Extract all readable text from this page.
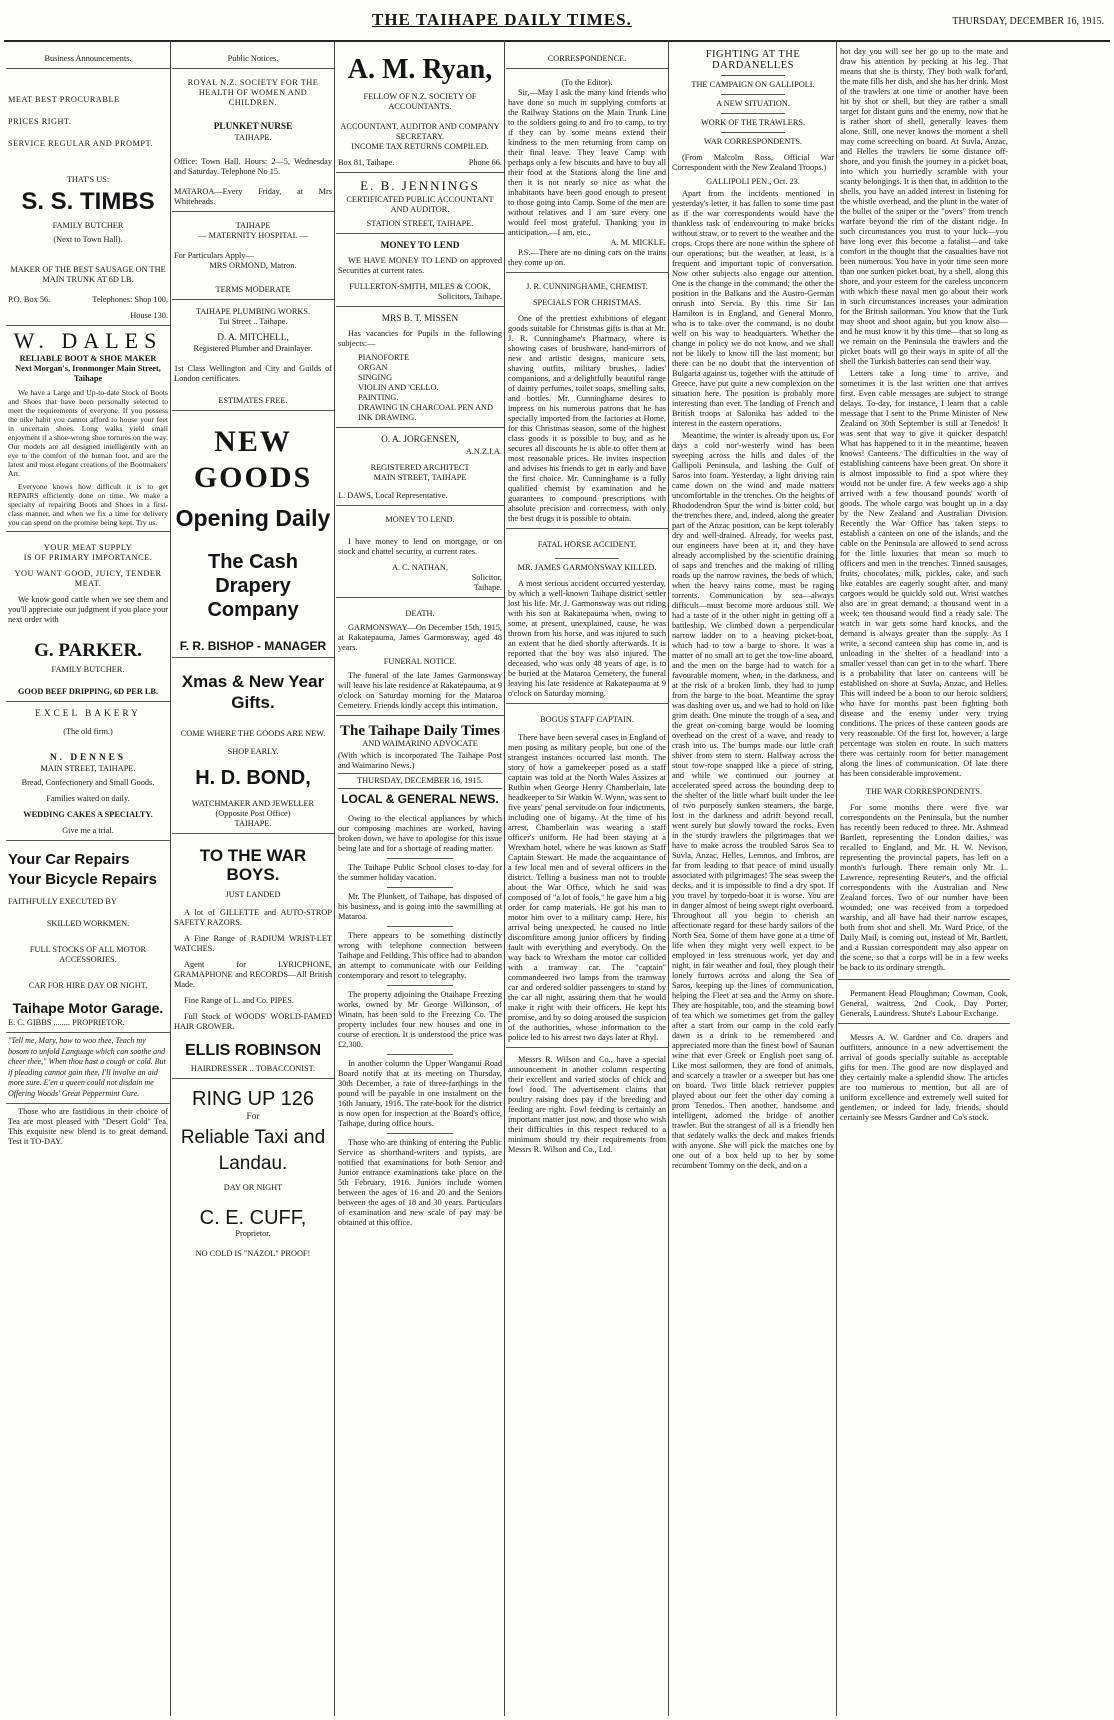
THE TAIHAPE DAILY TIMES.	THURSDAY, DECEMBER 16, 1915.
Business Announcements.
MEAT BEST PROCURABLE
PRICES RIGHT.
SERVICE REGULAR AND PROMPT.
THAT'S US:
S. S. TIMBS
FAMILY BUTCHER
(Next to Town Hall).
MAKER OF THE BEST SAUSAGE ON THE MAIN TRUNK AT 6D LB.
P.O. Box 56.	Telephones: Shop 100,
House 130.
W. DALES
RELIABLE BOOT & SHOE MAKER
Next Morgan's, Ironmonger Main Street, Taihape
We have a Large and Up-to-date Stock of Boots and Shoes that have been personally selected to meet the requirements of everyone. If you possess the nike habit you cannot afford to house your feet in uncertain shoes. Long walks yield small enjoyment if a shoe-wrong shoe tortures on the way. Our models are all designed intelligently with an eye to the comfort of the human foot, and are the latest and most elegant creations of the Bootmakers' Art.
Everyone knows how difficult it is to get REPAIRS efficiently done on time. We make a specialty of repairing Boots and Shoes in a first-class manner, and when we fix a time for delivery you can spend on the promise being kept. Try us.
YOUR MEAT SUPPLY
IS OF PRIMARY IMPORTANCE.
YOU WANT GOOD, JUICY, TENDER MEAT.
We know good cattle when we see them and you'll appreciate our judgment if you place your next order with
G. PARKER.
FAMILY BUTCHER.
GOOD BEEF DRIPPING, 6D PER LB.
EXCEL BAKERY
(The old firm.)
N. DENNES
MAIN STREET, TAIHAPE.
Bread, Confectionery and Small Goods.
Families waited on daily.
WEDDING CAKES A SPECIALTY.
Give me a trial.
Your Car Repairs
Your Bicycle Repairs
FAITHFULLY EXECUTED BY
SKILLED WORKMEN.
FULL STOCKS OF ALL MOTOR ACCESSORIES.
CAR FOR HIRE DAY OR NIGHT.
Taihape Motor Garage.
E. C. GIBBS ........ PROPRIETOR.
"Tell me, Mary, how to woo thee, Teach my bosom to unfold Language which can soothe and cheer thee," When thou hast a cough or cold. But if pleading cannot gain thee, I'll involve an aid more sure. E'en a queen could not disdain me Offering Woods' Great Peppermint Cure.
Those who are fastidious in their choice of Tea are most pleased with "Desert Gold" Tea. This exquisite new blend is to great demand. Test it TO-DAY.
Public Notices.
ROYAL N.Z. SOCIETY FOR THE HEALTH OF WOMEN AND CHILDREN.
PLUNKET NURSE
TAIHAPE.
Office: Town Hall. Hours: 2—5, Wednesday and Saturday. Telephone No 15.
MATAROA—Every Friday, at Mrs Whiteheads.
TAIHAPE
— MATERNITY HOSPITAL —
For Particulars Apply—
MRS ORMOND, Matron.
TERMS MODERATE
TAIHAPE PLUMBING WORKS.
Tui Street .. Taihape.
D. A. MITCHELL,
Registered Plumber and Drainlayer.
1st Class Wellington and City and Guilds of London certificates.
ESTIMATES FREE.
NEW GOODS
Opening Daily
The Cash Drapery Company
F. R. BISHOP - MANAGER
Xmas & New Year Gifts.
COME WHERE THE GOODS ARE NEW.
SHOP EARLY.
H. D. BOND,
WATCHMAKER AND JEWELLER
(Opposite Post Office)
TAIHAPE.
TO THE WAR BOYS.
JUST LANDED
A lot of GILLETTE and AUTO-STROP SAFETY RAZORS.
A Fine Range of RADIUM WRIST-LET WATCHES.
Agent for LYRICPHONE, GRAMAPHONE and RECORDS—All British Made.
Fine Range of L. and Co. PIPES.
Full Stock of WOODS' WORLD-FAMED HAIR GROWER.
ELLIS ROBINSON
HAIRDRESSER .. TOBACCONIST.
RING UP 126
For
Reliable Taxi and Landau.
DAY OR NIGHT
C. E. CUFF,
Proprietor.
NO COLD IS "NAZOL" PROOF!
A. M. Ryan,
FELLOW OF N.Z. SOCIETY OF ACCOUNTANTS.
ACCOUNTANT, AUDITOR AND COMPANY SECRETARY.
INCOME TAX RETURNS COMPILED.
Box 81, Taihape.	Phone 66.
E. B. JENNINGS
CERTIFICATED PUBLIC ACCOUNTANT AND AUDITOR.
STATION STREET, TAIHAPE.
MONEY TO LEND
WE HAVE MONEY TO LEND on approved Securities at current rates.
FULLERTON-SMITH, MILES & COOK,
Solicitors, Taihape.
MRS B. T. MISSEN
Has vacancies for Pupils in the following subjects:—
PIANOFORTE
ORGAN
SINGING
VIOLIN AND 'CELLO.
PAINTING.
DRAWING IN CHARCOAL PEN AND INK DRAWING.
O. A. JORGENSEN,
A.N.Z.I.A.
REGISTERED ARCHITECT
MAIN STREET, TAIHAPE
L. DAWS, Local Representative.
MONEY TO LEND.
I have money to lend on mortgage, or on stock and chattel security, at current rates.
A. C. NATHAN,
Solicitor,
Taihape.
DEATH.
GARMONSWAY—On December 15th, 1915, at Rakatepauma, James Garmonsway, aged 48 years.
FUNERAL NOTICE.
The funeral of the late James Garmonsway will leave his late residence at Rakatepauma, at 9 o'clock on Saturday morning for the Mataroa Cemetery. Friends kindly accept this intimation.
The Taihape Daily Times
AND WAIMARINO ADVOCATE
(With which is incorporated The Taihape Post and Waimarino News.)
THURSDAY, DECEMBER 16, 1915.
LOCAL & GENERAL NEWS.
Owing to the electical appliances by which our composing machines are worked, having broken down, we have to apologise for this issue being late and for a shortage of reading matter.
The Taihape Public School closes to-day for the summer holiday vacation.
Mr. The Plunkett, of Taihape, has disposed of his business, and is going into the sawmilling at Mataroa.
There appears to be something distinctly wrong with telephone connection between Taihape and Feilding. This office had to abandon an attempt to communicate with our Feilding contemporary and resort to telegraphy.
The property adjoining the Otaihape Freezing works, owned by Mr George Wilkinson, of Winatn, has been sold to the Freezing Co. The property includes four new houses and one in course of erection. It is understood the price was £2,300.
In another column the Upper Wanganui Road Board notify that at its meeting on Thursday, 30th December, a rate of three-farthings in the pound will be payable in one instalment on the 16th January, 1916. The rate-book for the district is now open for inspection at the Board's office, Taihape, during office hours.
Those who are thinking of entering the Public Service as shorthand-writers and typists, are notified that examinations for both Senior and Junior entrance examinations take place on the 5th February, 1916. Juniors include women between the ages of 16 and 20 and the Seniors between the ages of 18 and 30 years. Particulars of examination and new scale of pay may be obtained at this office.
CORRESPONDENCE.
(To the Editor).
Sir,—May I ask the many kind friends who have done so much in supplying comforts at the Railway Stations on the Main Trunk Line to the soldiers going to and fro to camp, to try if they can by some means extend their kindness to the men returning from camp on their final leave. They leave Camp with perhaps only a few biscuits and have to buy all their food at the Stations along the line and then it is not nearly so nice as what the inhabitants have been good enough to present to those going into Camp. Some of the men are without relatives and I am sure every one would feel most grateful. Thanking you in anticipation.—I am, etc.,
A. M. MICKLE.
P.S.—There are no dining cars on the trains they come up on.
J. R. CUNNINGHAME, CHEMIST.
SPECIALS FOR CHRISTMAS.
One of the prettiest exhibitions of elegant goods suitable for Christmas gifts is that at Mr. J. R. Cunninghame's Pharmacy, where is showing cases of brushware, hand-mirrors of new and artistic designs, manicure sets, shaving outfits, military brushes, ladies' companions, and a delightfully beautiful range of dainty perfumes, toilet soaps, smelling salts, and bottles. Mr. Cunninghame desires to impress on his numerous patrons that he has specially imported from the factories at Home, for this Christmas season, some of the highest class goods it is possible to buy, and as he secures all discounts he is able to offer them at most reasonable prices. He invites inspection and advises his friends to get in early and have the first choice. Mr. Cunninghame is a fully qualified chemist by examination and he guarantees to compound prescriptions with absolute precision and correctness, with only the best drugs it is possible to obtain.
FATAL HORSE ACCIDENT.
MR. JAMES GARMONSWAY KILLED.
A most serious accident occurred yesterday, by which a well-known Taihape district settler lost his life. Mr. J. Garmonsway was out riding with his son at Rakatepauma when, owing to some, at present, unexplained, cause, he was thrown from his horse, and was injured to such an extent that he died shortly afterwards. It is reported that the boy was also injured. The deceased, who was only 48 years of age, is to be buried at the Mataroa Cemetery, the funeral leaving his late residence at Rakatepauma at 9 o'clock on Saturday morning.
BOGUS STAFF CAPTAIN.
There have been several cases in England of men posing as military people, but one of the strangest instances occurred last month. The story of how a gamekeeper posed as a staff captain was told at the North Wales Assizes at Ruthin when George Henry Chamberlain, late headkeeper to Sir Watkin W. Wynn, was sent to five years' penal servitude on four indictments, including one of bigamy. At the time of his arrest, Chamberlain was wearing a staff officer's uniform. He had been staying at a Wrexham hotel, where he was known as Staff Captain Stewart. He made the acquaintance of a few local men and of several officers in the district. Telling a business man not to trouble about the War Office, which he said was composed of "a lot of fools," he gave him a big order for camp materials. He got his man to motor him over to a military camp. Here, his arrival being unexpected, he caused no little discomfiture among junior officers by finding fault with everything and everybody. On the way back to Wrexham the motor car collided with a tramway car. The "captain" commandeered two lamps from the tramway car and ordered soldier passengers to stand by the car all night, assuring them that he would make it right with their officers. He kept his promise, and by so doing aroused the suspicion of the authorities, whose information to the police led to his arrest two days later at Rhyl.
Messrs R. Wilson and Co., have a special announcement in another column respecting their excellent and varied stocks of chick and fowl food. The advertisement claims that poultry raising does pay if the breeding and feeding are right. Fowl feeding is certainly an important matter just now, and those who wish their difficulties in this respect reduced to a minimum should try their requirements from Messrs R. Wilson and Co., Ltd.
FIGHTING AT THE DARDANELLES
THE CAMPAIGN ON GALLIPOLI.
A NEW SITUATION.
WORK OF THE TRAWLERS.
WAR CORRESPONDENTS.
(From Malcolm Ross, Official War Correspondent with the New Zealand Troops.)
GALLIPOLI PEN., Oct. 23.
Apart from the incidents mentioned in yesterday's letter, it has fallen to some time past as if the war correspondents would have the thankless task of endeavouring to make bricks without straw, or to revert to the weather and the crops. Crops there are none within the sphere of our operations; but the weather, at least, is a frequent and important topic of conversation. Now other subjects also engage our attention. One is the change in the command; the other the position in the Balkans and the Austro-German onrush into Servia. By this time Sir Ian Hamilton is in England, and General Monro, who is to take over the command, is no doubt well on his way to headquarters. Whether the change in policy we do not know, and we shall not be likely to know till the last moment; but there can be no doubt that the intervention of Bulgaria against us, together with the attitude of Greece, have put quite a new complexion on the situation here. The position is probably more interesting than ever. The landing of French and British troops at Salonika has added to the interest in the eastern operations.
Meantime, the winter is already upon us. For days a cold nor'-westerly wind has been sweeping across the hills and dales of the Gallipoli Peninsula, and lashing the Gulf of Saros into foam. Yesterday, a light driving rain came down on the wind and made matters uncomfortable in the trenches. On the heights of Rhododendron Spur the wind is bitter cold, but the trenches there, and, indeed, along the greater part of the Anzac position, can be kept tolerably dry and well-drained. Already, for weeks past, our engineers have been at it, and they have already accomplished by the scientific draining of saps and trenches and the making of rilling roads up the narrow ravines, the beds of which, when the heavy rains come, must be raging torrents. Communication by sea—always difficult—must become more arduous still. We had a taste of it the other night in getting off a battleship. We climbed down a perpendicular narrow ladder on to a heaving picket-boat, which had to tow a barge to shore. It was a matter of no small art to get the tow-line aboard, and the men on the barge had to watch for a favourable moment, when, in the darkness, and at the risk of a broken limb, they had to jump from the barge to the boat. Meantime the spray was dashing over us, and we had to hold on like grim death. One minute the trough of a sea, and the great on-coming barge would be looming overhead on the crest of a wave, and ready to crash into us. The bumps made our little craft shiver from stem to stern. Halfway across the stout tow-rope snapped like a piece of string, and while we continued our journey at accelerated speed across the bounding deep to the shelter of the little wharf built under the lee of two purposely sunken steamers, the barge, lost in the darkness and adrift beyond recall, went surely but slowly toward the rocks. Even in the sturdy trawlers the pilgrimages that we have to make across the troubled Saros Sea to Suvla, Anzac, Helles, Lemnos, and Imbros, are far from leading to that peace of mind usually associated with pilgrimages! The seas sweep the decks, and it is impossible to find a dry spot. If you travel by torpedo-boat it is worse. You are in danger almost of being swept right overboard. Throughout all you begin to cherish an affectionate regard for these hardy sailors of the North Sea. Some of them have gone at a time of life when they might very well expect to be employed in less strenuous work, yet day and night, in fair weather and foul, they plough their lonely furrows across and along the Sea of Saros, keeping up the lines of communication, helping the Fleet at sea and the Army on shore. They are hospitable, too, and the steaming bowl of tea which we sometimes get from the galley after a start from our camp in the cold early dawn is a drink to be remembered and appreciated more than the finest bowl of Saunan wine that ever Greek or English poet sang of. Like most sailormen, they are fond of animals, and scarcely a trawler or a sweeper but has one on board. Two little black retriever puppies played about our feet the other day coming a prom Tenedos. Then another, handsome and intelligent, adorned the bridge of another trawler. But the strangest of all is a friendly hen that sedately walks the deck and makes friends with anyone. She will pick the matches one by one out of a box held up to her by some recumbent Tommy on the deck, and on a
hot day you will see her go up to the mate and draw his attention by pecking at his leg. That means that she is thirsty. They both walk for'ard, the mate fills her dish, and she has her drink. Most of the trawlers at one time or another have been hit by shot or shell, but they are rather a small target for distant guns and the enemy, now that he is rather short of shell, generally leaves them alone. Still, one never knows the moment a shell may come screeching on board. At Suvla, Anzac, and Helles the trawlers lie some distance off-shore, and you finish the journey in a picket boat, into which you hurriedly scramble with your scanty belongings. It is then that, in addition to the shells, you have an added interest in listening for the whistle overhead, and the plunt in the water of the bullet of the sniper or the "overs" from trench warfare beyond the rim of the distant ridge. In such circumstances you trust to your luck—you have long ever this become a fatalist—and take comfort in the thought that the casualties have not been numerous. You have in your time seen more than one sunken picket boat, by a shell, along this shore, and your esteem for the careless unconcern with which these naval men go about their work in such circumstances increases your admiration for the British sailorman. You know that the Turk may shoot and shoot again, but you know also—and he must know it by this time—that so long as we remain on the Peninsula the trawlers and the picket boats will go their ways in spite of all the shell the Turkish batteries can send their way.
Letters take a long time to arrive, and sometimes it is the last written one that arrives first. Even cable messages are subject to strange delays. To-day, for instance, I learn that a cable message that I sent to the Prime Minister of New Zealand on 30th September is still at Tenedos! It was sent that way to give it quicker despatch! What has happened to it in the meantime, heaven knows! Canteens. The difficulties in the way of establishing canteens have been great. On shore it is almost impossible to find a spot where they would not be under fire. A few weeks ago a ship arrived with a few thousand pounds' worth of goods. The whole cargo was bought up in a day by the New Zealand and Australian Division. Recently the War Office has taken steps to establish a canteen on one of the islands, and the cable on the Peninsula are allowed to send across for the little luxuries that mean so much to officers and men in the trenches. Tinned sausages, fruits, chocolates, milk, pickles, cake, and such like eatables are eagerly sought after, and many cargoes would be quickly sold out. Wrist watches also are in great demand; a thousand went in a week; ten thousand would find a ready sale. The watch in war gets some hard knocks, and the demand is always greater than the supply. As I write, a second canteen ship has come in, and is unloading in the shelter of a headland into a smaller vessel than can get in to the wharf. There is a probability that later on canteens will be established on shore at Suvla, Anzac, and Helles. This will indeed be a boon to our heroic soldiers, who have for months past been fighting both disease and the enemy under very trying conditions. The prices of these canteen goods are very reasonable. Of the first lot, however, a large percentage was stolen en route. In such matters there was certainly room for better management along the lines of communication. Of late there has been considerable improvement.
THE WAR CORRESPONDENTS.
For some months there were five war correspondents on the Peninsula, but the number has recently been reduced to three. Mr. Ashmead Bartlett, representing the London dailies, was recalled to England, and Mr. H. W. Nevison, representing the provincial papers, has left on a month's furlough. There remain only Mr. L. Lawrence, representing Reuter's, and the official correspondents with the Australian and New Zealand forces. Two of our number have been wounded; one was received from a torpedoed warship, and all have had their narrow escapes, both from shot and shell. Mr. Ward Price, of the Daily Mail, is coming out, instead of Mr. Bartlett, and a Russian correspondent may also appear on the scene, so that a corps will be in a few weeks be back to its ordinary strength.
Permanent Head Ploughman; Cowman, Cook, General, waitress, 2nd Cook, Day Porter, Generals, Laundress. Shute's Labour Exchange.
Messrs A. W. Gardner and Co. drapers and outfitters, announce in a new advertisement the arrival of goods specially suitable as acceptable gifts for men. The good are now displayed and they certainly make a splendid show. The articles are too numerous to mention, but all are of uniform excellence and extremely well suited for gentlemen, or indeed for lady, friends, should certainly see Messrs Gardner and Co's stock.
